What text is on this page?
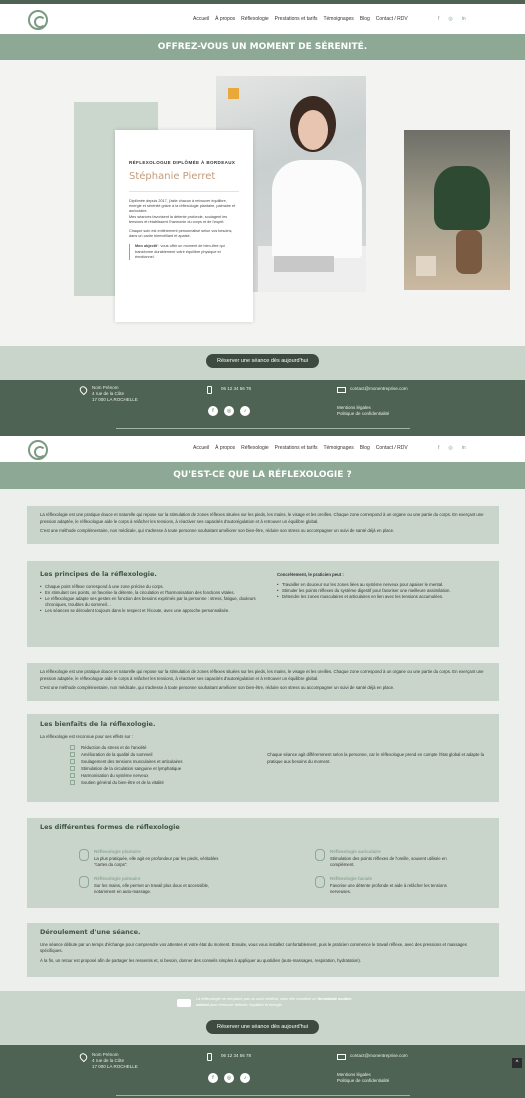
Accueil À propos Réflexologie Prestations et tarifs Témoignages Blog Contact / RDV	f ◎ in
OFFREZ-VOUS UN MOMENT DE SÉRENITÉ.
RÉFLEXOLOGUE DIPLÔMÉE À BORDEAUX
Stéphanie Pierret
Diplômée depuis 2017, j'aide chacun à retrouver équilibre, énergie et sérénité grâce à la réflexologie plantaire, palmaire et auriculaire.
Mes séances favorisent la détente profonde, soulagent les tensions et rétablissent l'harmonie du corps et de l'esprit.
Chaque soin est entièrement personnalisé selon vos besoins, dans un cadre bienveillant et apaisé.
Mon objectif : vous offrir un moment de bien-être qui transforme durablement votre équilibre physique et émotionnel.
Réserver une séance dès aujourd'hui
Nom Prénom
4 rue de la Côte
17 000 LA ROCHELLE
06 12 34 56 78
f	◎	♪
contact@monentreprise.com
Mentions légales
Politique de confidentialité
Accueil À propos Réflexologie Prestations et tarifs Témoignages Blog Contact / RDV	f ◎ in
QU'EST-CE QUE LA RÉFLEXOLOGIE ?
La réflexologie est une pratique douce et naturelle qui repose sur la stimulation de zones réflexes situées sur les pieds, les mains, le visage et les oreilles. Chaque zone correspond à un organe ou une partie du corps. En exerçant une pression adaptée, le réflexologue aide le corps à relâcher les tensions, à réactiver ses capacités d'autorégulation et à retrouver un équilibre global.
C'est une méthode complémentaire, non médicale, qui s'adresse à toute personne souhaitant améliorer son bien-être, réduire son stress ou accompagner un suivi de santé déjà en place.
Les principes de la réflexologie.
• Chaque point réflexe correspond à une zone précise du corps.
• En stimulant ces points, on favorise la détente, la circulation et l'harmonisation des fonctions vitales.
• Le réflexologue adapte ses gestes en fonction des besoins exprimés par la personne : stress, fatigue, douleurs chroniques, troubles du sommeil…
• Les séances se déroulent toujours dans le respect et l'écoute, avec une approche personnalisée.
Concrètement, le praticien peut :
• Travailler en douceur sur les zones liées au système nerveux pour apaiser le mental.
• Stimuler les points réflexes du système digestif pour favoriser une meilleure assimilation.
• Détendre les zones musculaires et articulaires en lien avec les tensions accumulées.
La réflexologie est une pratique douce et naturelle qui repose sur la stimulation de zones réflexes situées sur les pieds, les mains, le visage et les oreilles. Chaque zone correspond à un organe ou une partie du corps. En exerçant une pression adaptée, le réflexologue aide le corps à relâcher les tensions, à réactiver ses capacités d'autorégulation et à retrouver un équilibre global.
C'est une méthode complémentaire, non médicale, qui s'adresse à toute personne souhaitant améliorer son bien-être, réduire son stress ou accompagner un suivi de santé déjà en place.
Les bienfaits de la réflexologie.
La réflexologie est reconnue pour ses effets sur :
Réduction du stress et de l'anxiété
Amélioration de la qualité du sommeil
Soulagement des tensions musculaires et articulaires
Stimulation de la circulation sanguine et lymphatique
Harmonisation du système nerveux
Soutien général du bien-être et de la vitalité
Chaque séance agit différemment selon la personne, car le réflexologue prend en compte l'état global et adapte la pratique aux besoins du moment.
Les différentes formes de réflexologie
Réflexologie plantaire
La plus pratiquée, elle agit en profondeur par les pieds, véritables "cartes du corps".
Réflexologie auriculaire
Stimulation des points réflexes de l'oreille, souvent utilisée en complément.
Réflexologie palmaire
Sur les mains, elle permet un travail plus doux et accessible, notamment en auto-massage.
Réflexologie faciale
Favorise une détente profonde et aide à relâcher les tensions nerveuses.
Déroulement d'une séance.
Une séance débute par un temps d'échange pour comprendre vos attentes et votre état du moment. Ensuite, vous vous installez confortablement, puis le praticien commence le travail réflexe, avec des pressions et massages spécifiques.
À la fin, un retour est proposé afin de partager les ressentis et, si besoin, donner des conseils simples à appliquer au quotidien (auto-massages, respiration, hydratation).
La réflexologie ne remplace pas un suivi médical, mais elle constitue un formidable soutien naturel pour retrouver détente, équilibre et énergie.
Réserver une séance dès aujourd'hui
Nom Prénom
4 rue de la Côte
17 000 LA ROCHELLE
06 12 34 56 78
f	◎	♪
contact@monentreprise.com
Mentions légales
Politique de confidentialité
^
